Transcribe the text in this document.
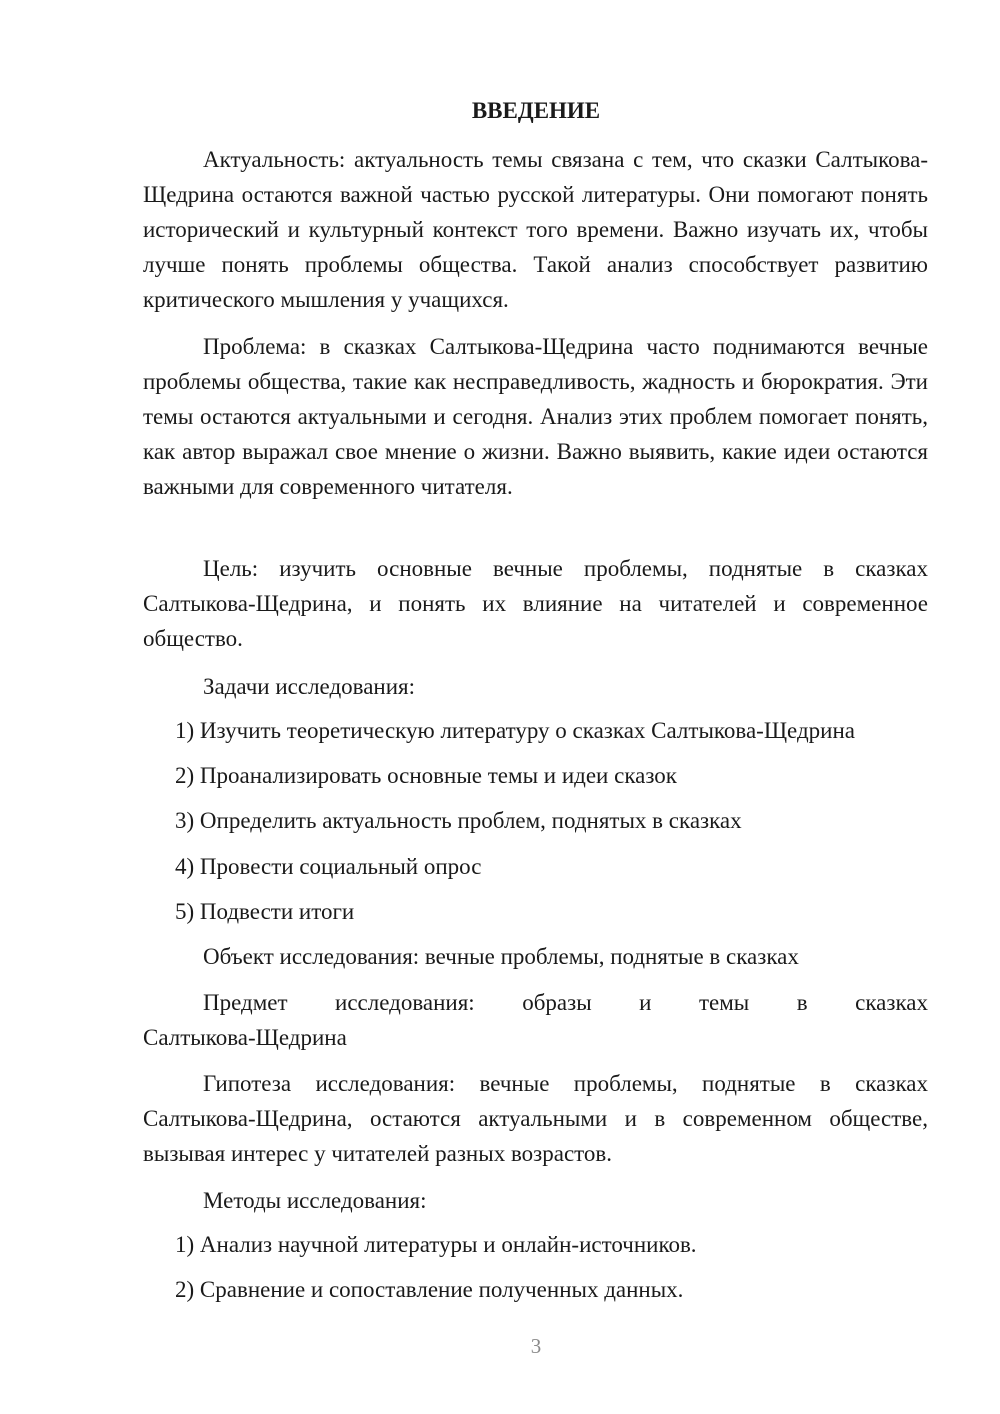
ВВЕДЕНИЕ

Актуальность: актуальность темы связана с тем, что сказки Салтыкова-Щедрина остаются важной частью русской литературы. Они помогают понять исторический и культурный контекст того времени. Важно изучать их, чтобы лучше понять проблемы общества. Такой анализ способствует развитию критического мышления у учащихся.

Проблема: в сказках Салтыкова-Щедрина часто поднимаются вечные проблемы общества, такие как несправедливость, жадность и бюрократия. Эти темы остаются актуальными и сегодня. Анализ этих проблем помогает понять, как автор выражал свое мнение о жизни. Важно выявить, какие идеи остаются важными для современного читателя.

Цель: изучить основные вечные проблемы, поднятые в сказках Салтыкова-Щедрина, и понять их влияние на читателей и современное общество.

Задачи исследования:
1) Изучить теоретическую литературу о сказках Салтыкова-Щедрина
2) Проанализировать основные темы и идеи сказок
3) Определить актуальность проблем, поднятых в сказках
4) Провести социальный опрос
5) Подвести итоги
Объект исследования: вечные проблемы, поднятые в сказках

Предмет исследования: образы и темы в сказках Салтыкова-Щедрина

Гипотеза исследования: вечные проблемы, поднятые в сказках Салтыкова-Щедрина, остаются актуальными и в современном обществе, вызывая интерес у читателей разных возрастов.

Методы исследования:
1) Анализ научной литературы и онлайн-источников.
2) Сравнение и сопоставление полученных данных.
3
